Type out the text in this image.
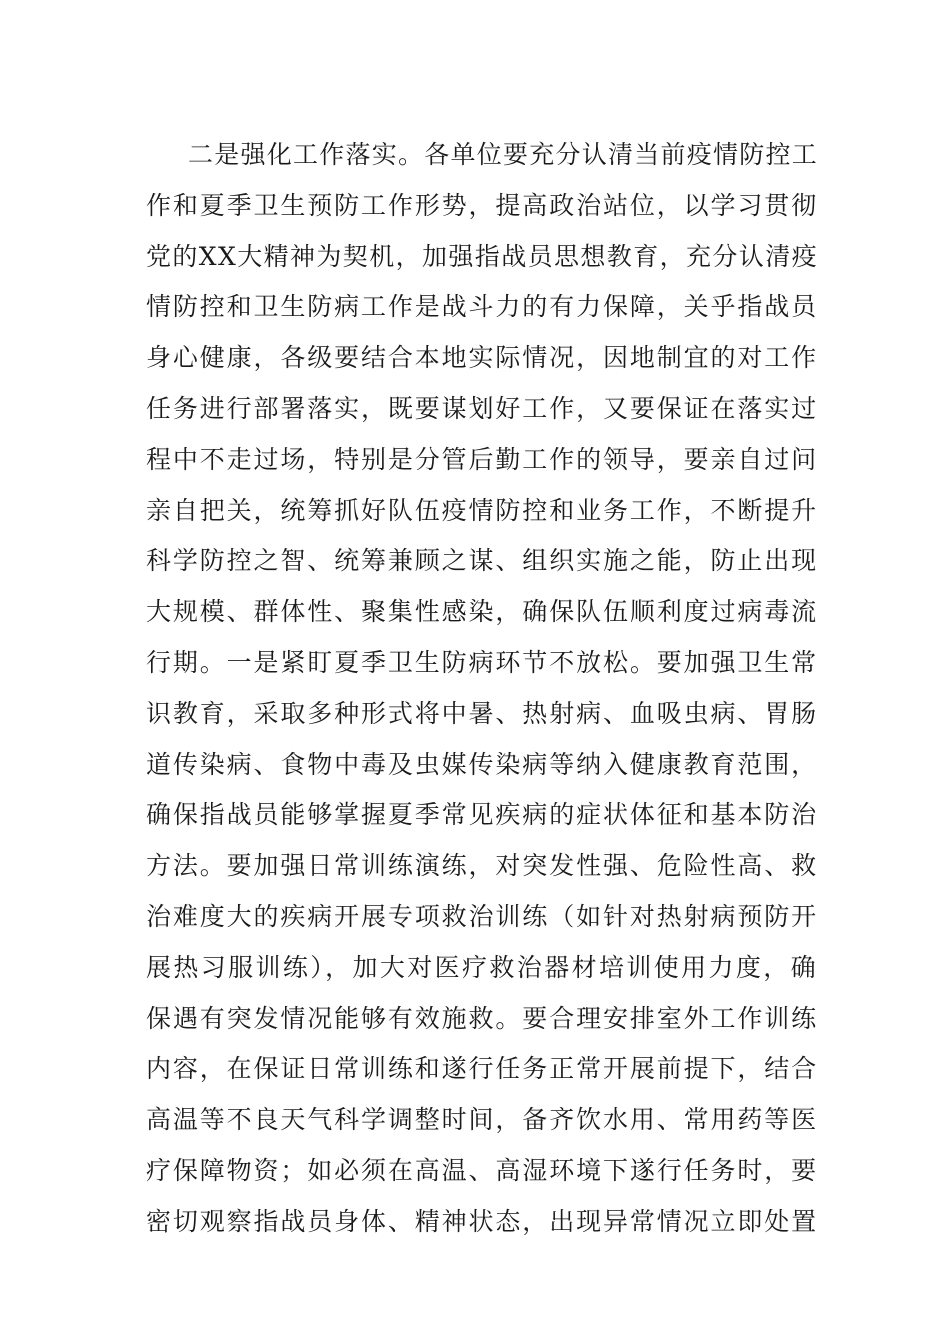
二是强化工作落实。各单位要充分认清当前疫情防控工
作和夏季卫生预防工作形势，提高政治站位，以学习贯彻
党的XX大精神为契机，加强指战员思想教育，充分认清疫
情防控和卫生防病工作是战斗力的有力保障，关乎指战员
身心健康，各级要结合本地实际情况，因地制宜的对工作
任务进行部署落实，既要谋划好工作，又要保证在落实过
程中不走过场，特别是分管后勤工作的领导，要亲自过问
亲自把关，统筹抓好队伍疫情防控和业务工作，不断提升
科学防控之智、统筹兼顾之谋、组织实施之能，防止出现
大规模、群体性、聚集性感染，确保队伍顺利度过病毒流
行期。一是紧盯夏季卫生防病环节不放松。要加强卫生常
识教育，采取多种形式将中暑、热射病、血吸虫病、胃肠
道传染病、食物中毒及虫媒传染病等纳入健康教育范围，
确保指战员能够掌握夏季常见疾病的症状体征和基本防治
方法。要加强日常训练演练，对突发性强、危险性高、救
治难度大的疾病开展专项救治训练（如针对热射病预防开
展热习服训练），加大对医疗救治器材培训使用力度，确
保遇有突发情况能够有效施救。要合理安排室外工作训练
内容，在保证日常训练和遂行任务正常开展前提下，结合
高温等不良天气科学调整时间，备齐饮水用、常用药等医
疗保障物资；如必须在高温、高湿环境下遂行任务时，要
密切观察指战员身体、精神状态，出现异常情况立即处置
